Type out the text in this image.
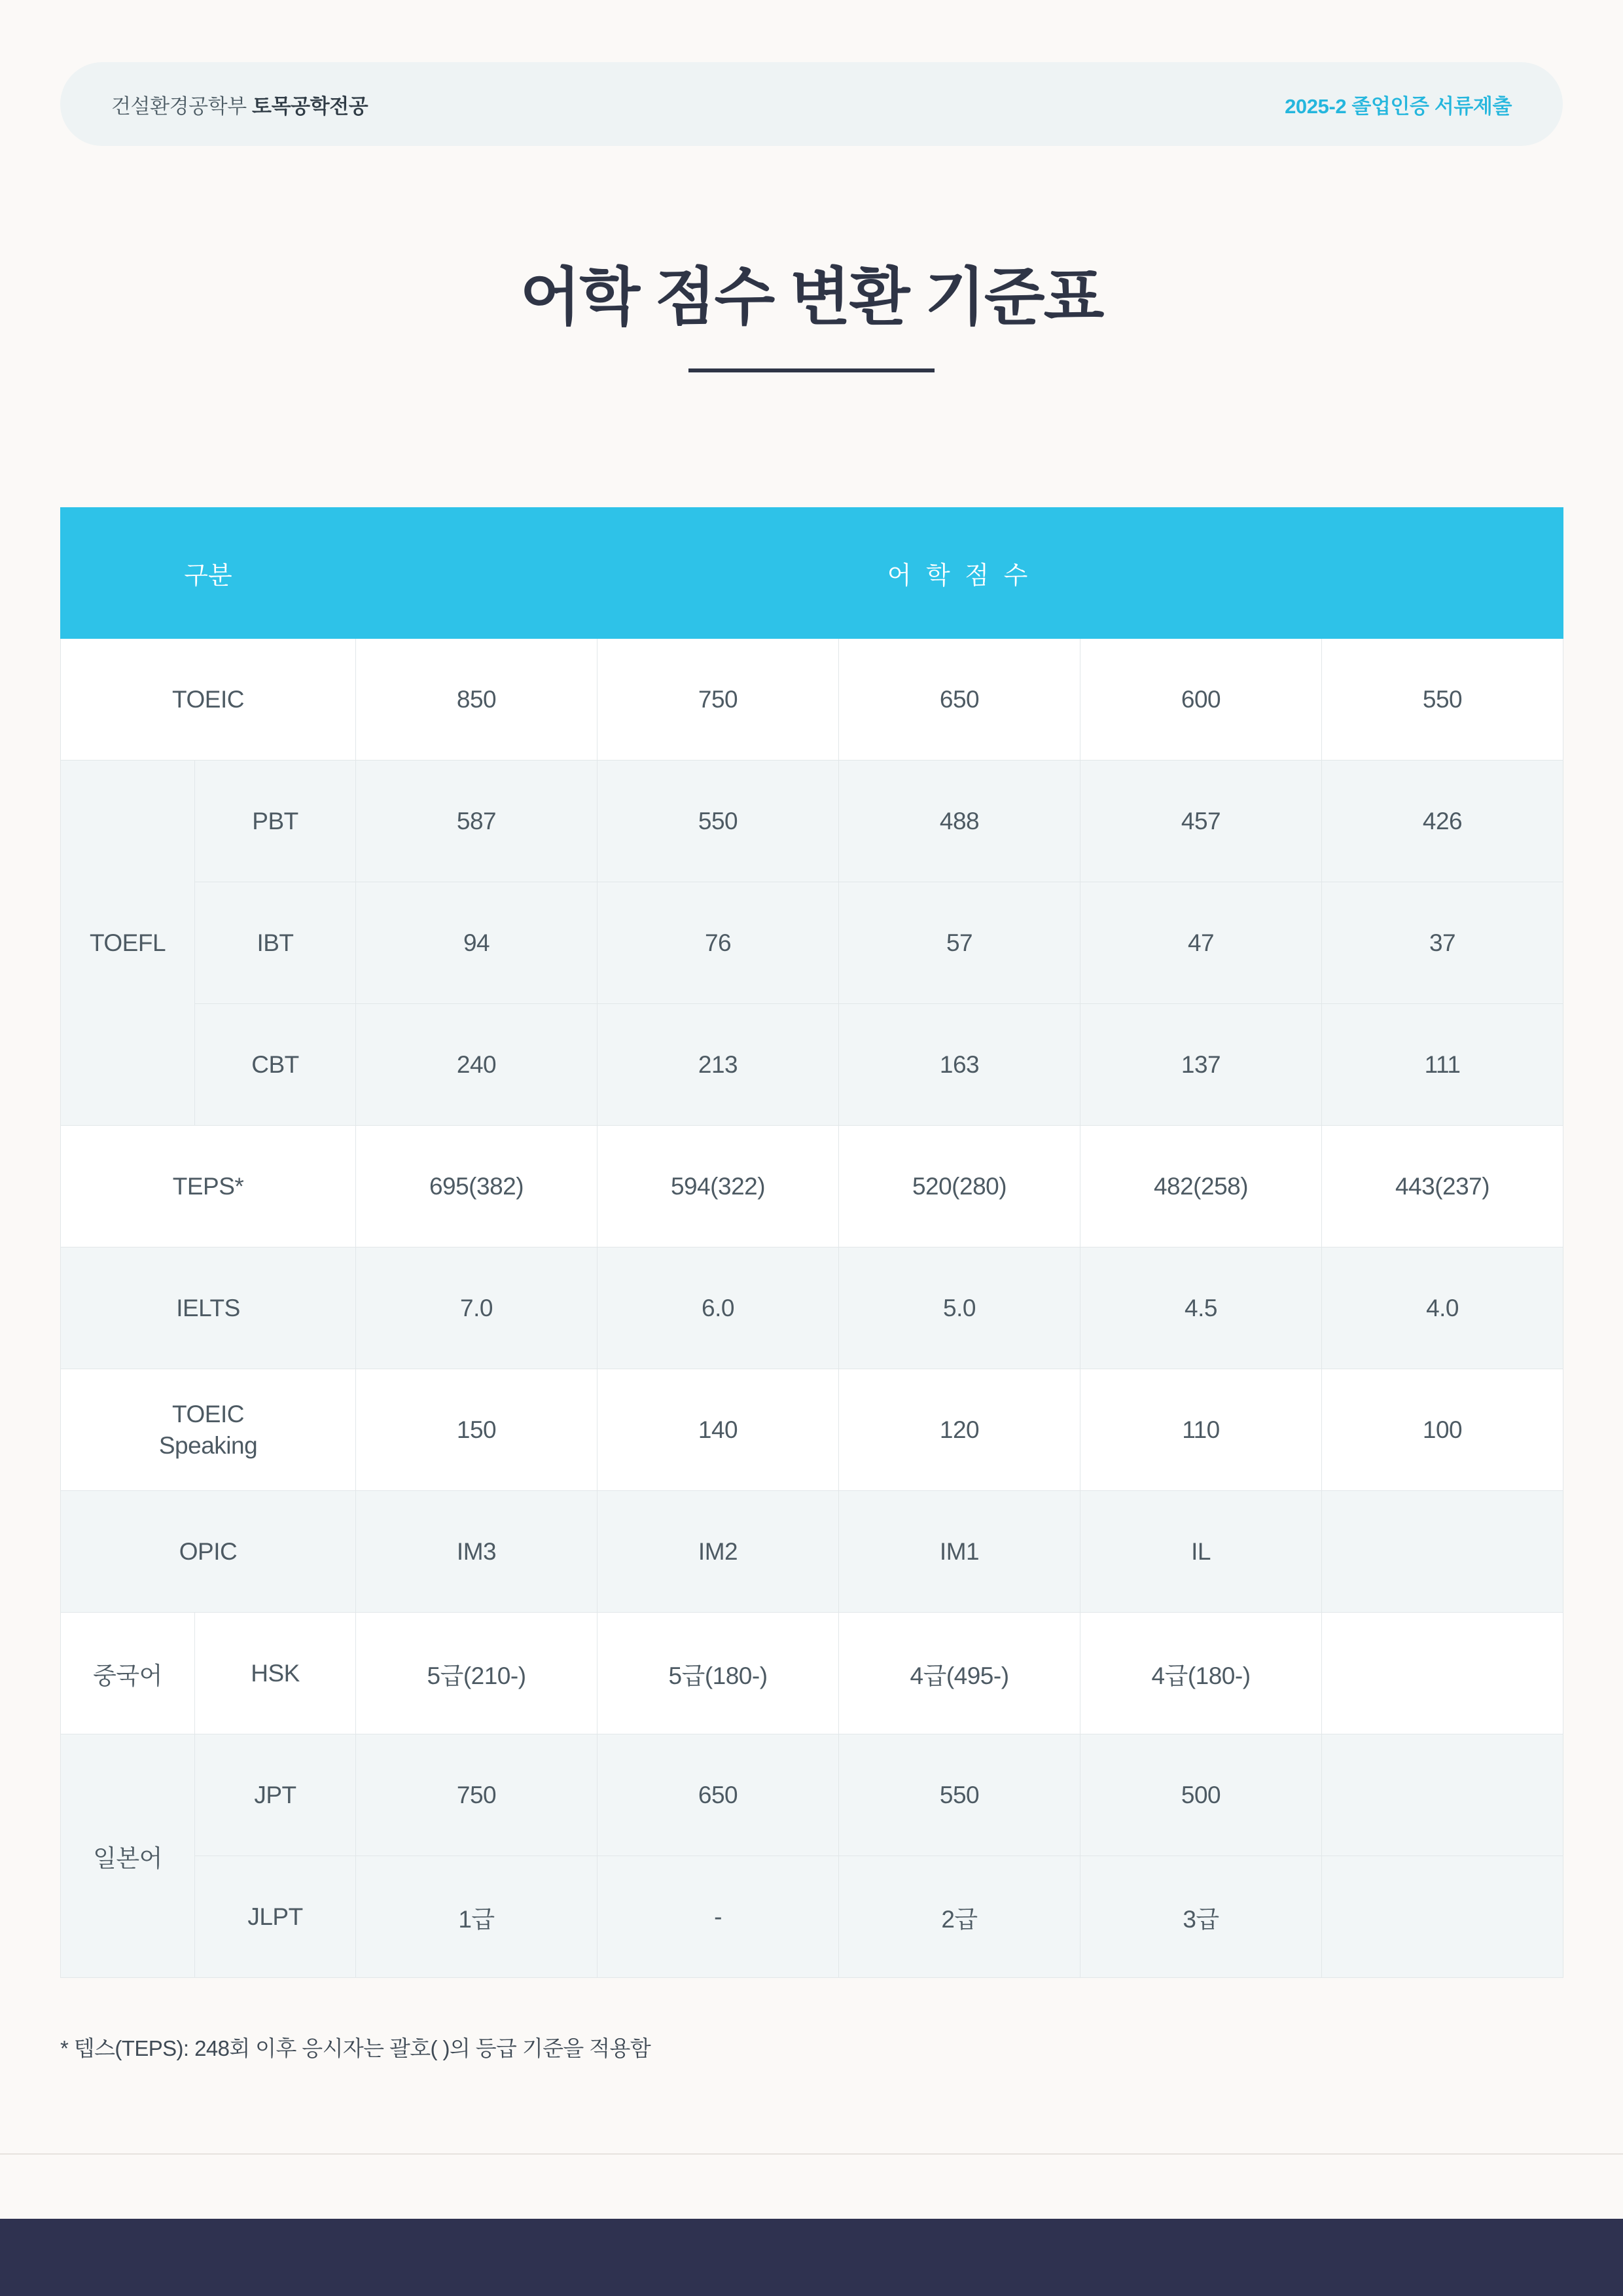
건설환경공학부 토목공학전공	2025-2 졸업인증 서류제출
어학 점수 변환 기준표
구분		어 학 점 수				
TOEIC		850	750	650	600	550
TOEFL	PBT	587	550	488	457	426
	IBT	94	76	57	47	37
	CBT	240	213	163	137	111
TEPS*		695(382)	594(322)	520(280)	482(258)	443(237)
IELTS		7.0	6.0	5.0	4.5	4.0
TOEIC
Speaking		150	140	120	110	100
OPIC		IM3	IM2	IM1	IL	
중국어	HSK	5급(210-)	5급(180-)	4급(495-)	4급(180-)	
일본어	JPT	750	650	550	500	
	JLPT	1급	-	2급	3급	
* 텝스(TEPS): 248회 이후 응시자는 괄호( )의 등급 기준을 적용함
